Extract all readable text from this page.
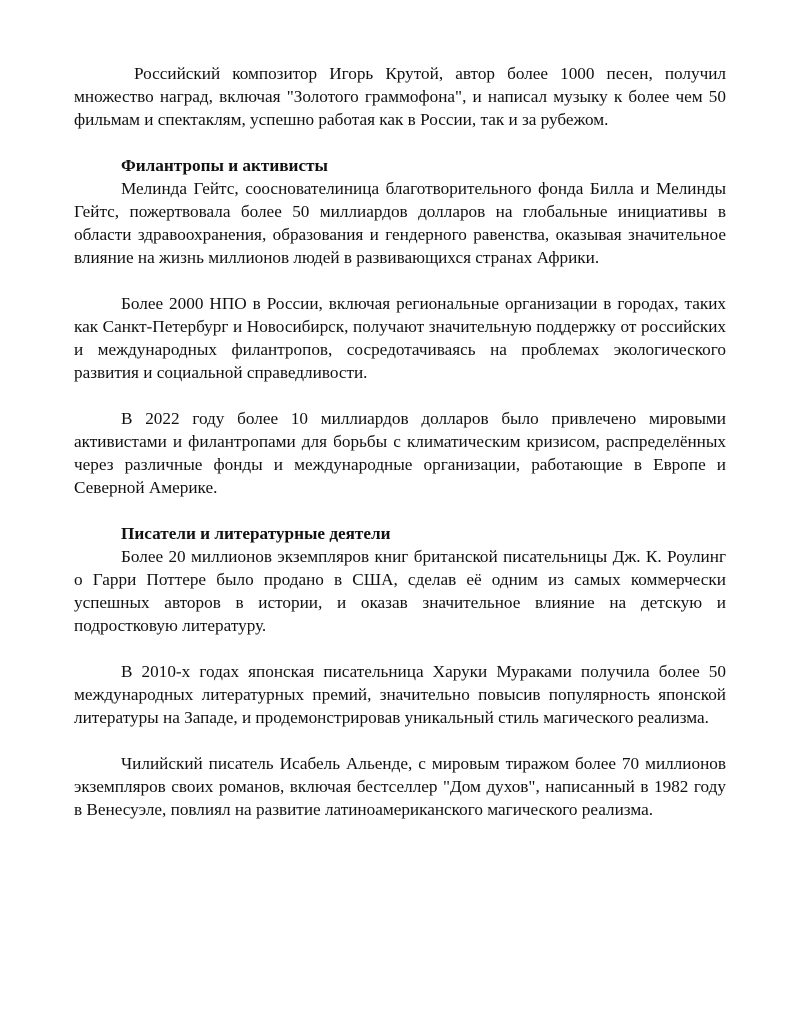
Российский композитор Игорь Крутой, автор более 1000 песен, получил множество наград, включая "Золотого граммофона", и написал музыку к более чем 50 фильмам и спектаклям, успешно работая как в России, так и за рубежом.

Филантропы и активисты

Мелинда Гейтс, сооснователиница благотворительного фонда Билла и Мелинды Гейтс, пожертвовала более 50 миллиардов долларов на глобальные инициативы в области здравоохранения, образования и гендерного равенства, оказывая значительное влияние на жизнь миллионов людей в развивающихся странах Африки.

Более 2000 НПО в России, включая региональные организации в городах, таких как Санкт-Петербург и Новосибирск, получают значительную поддержку от российских и международных филантропов, сосредотачиваясь на проблемах экологического развития и социальной справедливости.

В 2022 году более 10 миллиардов долларов было привлечено мировыми активистами и филантропами для борьбы с климатическим кризисом, распределённых через различные фонды и международные организации, работающие в Европе и Северной Америке.

Писатели и литературные деятели

Более 20 миллионов экземпляров книг британской писательницы Дж. К. Роулинг о Гарри Поттере было продано в США, сделав её одним из самых коммерчески успешных авторов в истории, и оказав значительное влияние на детскую и подростковую литературу.

В 2010-х годах японская писательница Харуки Мураками получила более 50 международных литературных премий, значительно повысив популярность японской литературы на Западе, и продемонстрировав уникальный стиль магического реализма.

Чилийский писатель Исабель Альенде, с мировым тиражом более 70 миллионов экземпляров своих романов, включая бестселлер "Дом духов", написанный в 1982 году в Венесуэле, повлиял на развитие латиноамериканского магического реализма.
